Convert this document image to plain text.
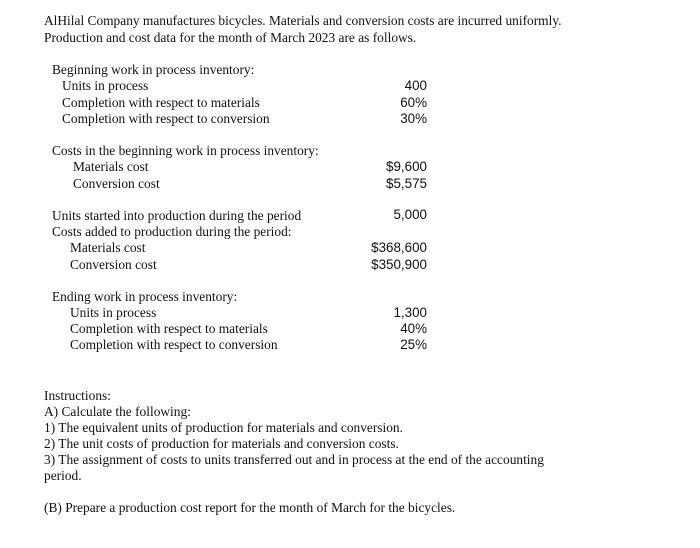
AlHilal Company manufactures bicycles. Materials and conversion costs are incurred uniformly.
Production and cost data for the month of March 2023 are as follows.
Beginning work in process inventory:
Units in process	400
Completion with respect to materials	60%
Completion with respect to conversion	30%
Costs in the beginning work in process inventory:
Materials cost	$9,600
Conversion cost	$5,575
Units started into production during the period	5,000
Costs added to production during the period:
Materials cost	$368,600
Conversion cost	$350,900
Ending work in process inventory:
Units in process	1,300
Completion with respect to materials	40%
Completion with respect to conversion	25%
Instructions:
A) Calculate the following:
1) The equivalent units of production for materials and conversion.
2) The unit costs of production for materials and conversion costs.
3) The assignment of costs to units transferred out and in process at the end of the accounting
period.
(B) Prepare a production cost report for the month of March for the bicycles.
